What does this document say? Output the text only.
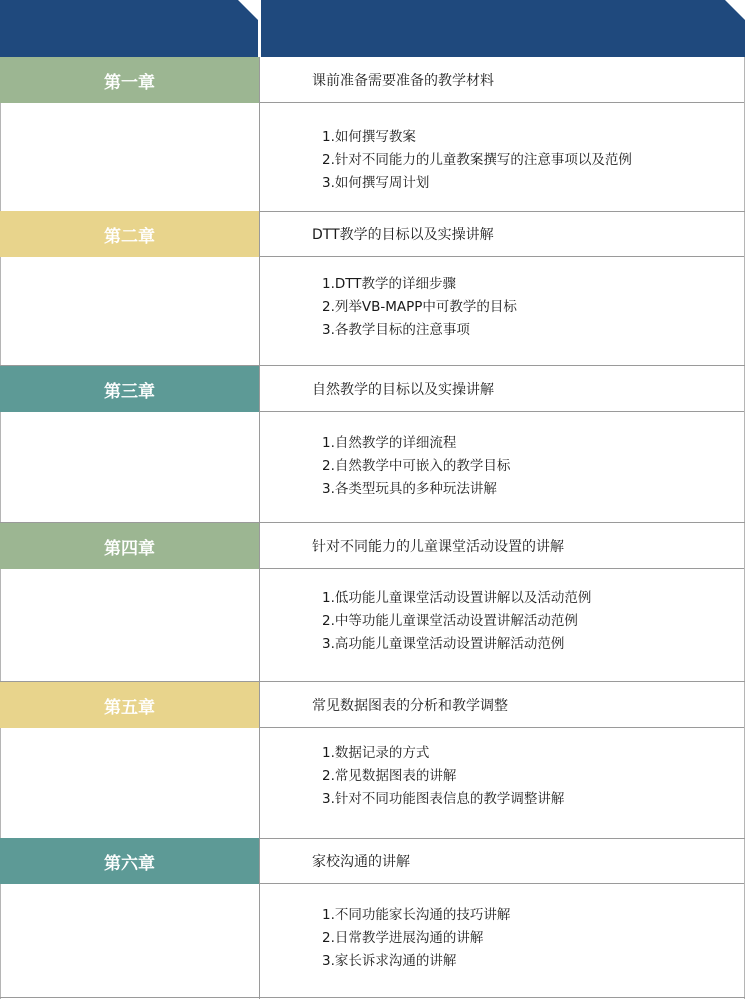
第一章	课前准备需要准备的教学材料
1.如何撰写教案
2.针对不同能力的儿童教案撰写的注意事项以及范例
3.如何撰写周计划
第二章	DTT教学的目标以及实操讲解
1.DTT教学的详细步骤
2.列举VB-MAPP中可教学的目标
3.各教学目标的注意事项
第三章	自然教学的目标以及实操讲解
1.自然教学的详细流程
2.自然教学中可嵌入的教学目标
3.各类型玩具的多种玩法讲解
第四章	针对不同能力的儿童课堂活动设置的讲解
1.低功能儿童课堂活动设置讲解以及活动范例
2.中等功能儿童课堂活动设置讲解活动范例
3.高功能儿童课堂活动设置讲解活动范例
第五章	常见数据图表的分析和教学调整
1.数据记录的方式
2.常见数据图表的讲解
3.针对不同功能图表信息的教学调整讲解
第六章	家校沟通的讲解
1.不同功能家长沟通的技巧讲解
2.日常教学进展沟通的讲解
3.家长诉求沟通的讲解
